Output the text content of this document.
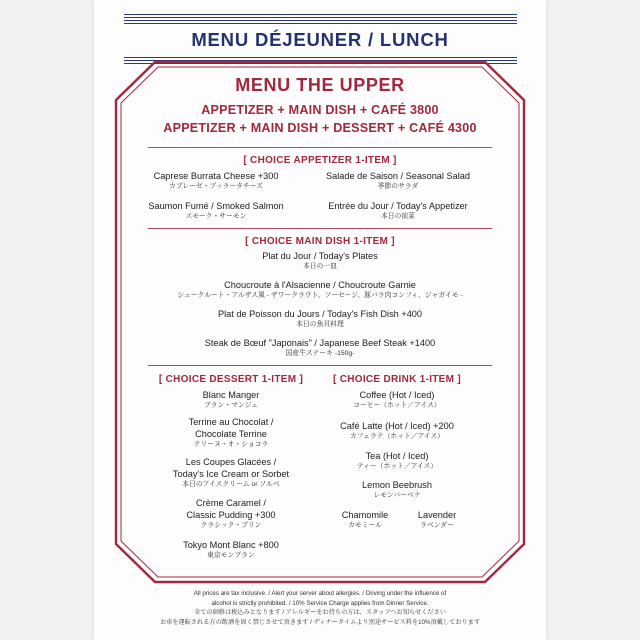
MENU DÉJEUNER / LUNCH
MENU THE UPPER
APPETIZER + MAIN DISH + CAFÉ 3800
APPETIZER + MAIN DISH + DESSERT + CAFÉ 4300
[ CHOICE APPETIZER 1-ITEM ]
Caprese Burrata Cheese +300
カプレーゼ・ブッラータチーズ
Salade de Saison / Seasonal Salad
季節のサラダ
Saumon Fumé / Smoked Salmon
スモーク・サーモン
Entrée du Jour / Today's Appetizer
本日の前菜
[ CHOICE MAIN DISH 1-ITEM ]
Plat du Jour / Today's Plates
本日の一皿
Choucroute à l'Alsacienne / Choucroute Garnie
シュークルート・アルザス風 - ザワークラウト、ソーセージ、豚バラ肉コンフィ、ジャガイモ -
Plat de Poisson du Jours / Today's Fish Dish +400
本日の魚貝料理
Steak de Bœuf "Japonais" / Japanese Beef Steak +1400
国産牛ステーキ -150g-
[ CHOICE DESSERT 1-ITEM ]	[ CHOICE DRINK 1-ITEM ]
Blanc Manger
ブラン・マンジェ
Terrine au Chocolat /
Chocolate Terrine
テリーヌ・オ・ショコラ
Les Coupes Glacées /
Today's Ice Cream or Sorbet
本日のアイスクリーム or ソルベ
Crème Caramel /
Classic Pudding +300
クラシック・プリン
Tokyo Mont Blanc +800
東京モンブラン
Coffee (Hot / Iced)
コーヒー（ホット／アイス）
Café Latte (Hot / Iced) +200
カフェラテ（ホット／アイス）
Tea (Hot / Iced)
ティー（ホット／アイス）
Lemon Beebrush
レモンバーベナ
Chamomile
カモミール
Lavender
ラベンダー
All prices are tax inclusive. / Alert your server about allergies. / Driving under the influence of
alcohol is strictly prohibited. / 10% Service Charge applies from Dinner Service.
全ての価格は税込みとなります / アレルギーをお持ちの方は、スタッフへお知らせください
お車を運転される方の飲酒を固く禁じさせて頂きます / ディナータイムより別途サービス料を10%頂戴しております
